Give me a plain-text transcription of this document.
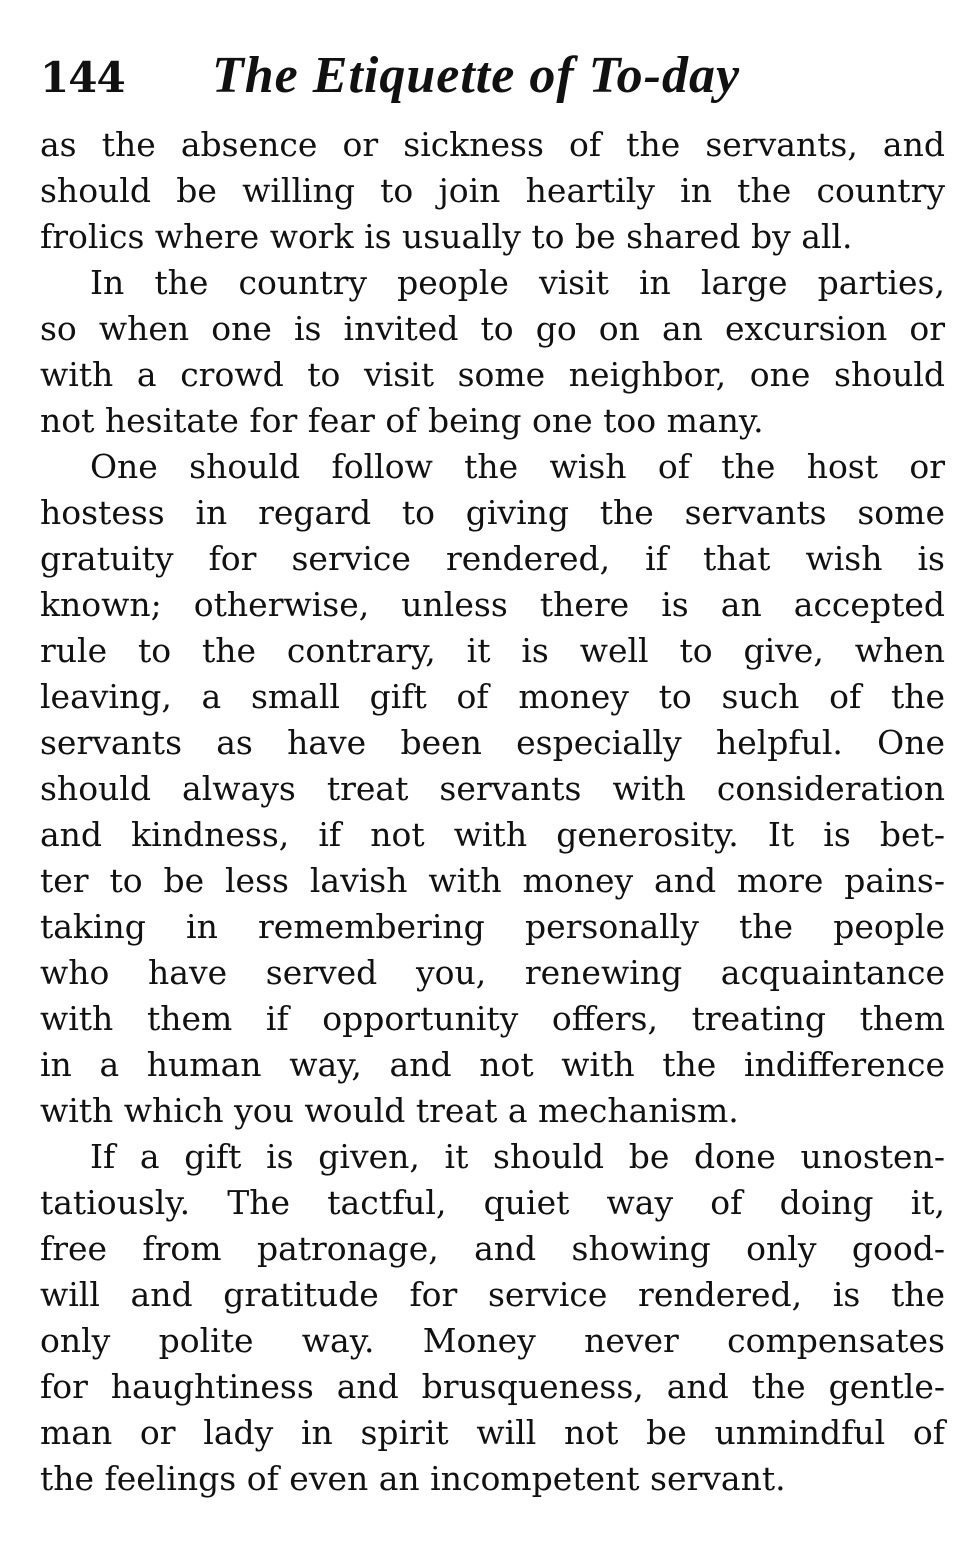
144	The Etiquette of To-day
as the absence or sickness of the servants, and
should be willing to join heartily in the country
frolics where work is usually to be shared by all.
In the country people visit in large parties,
so when one is invited to go on an excursion or
with a crowd to visit some neighbor, one should
not hesitate for fear of being one too many.
One should follow the wish of the host or
hostess in regard to giving the servants some
gratuity for service rendered, if that wish is
known; otherwise, unless there is an accepted
rule to the contrary, it is well to give, when
leaving, a small gift of money to such of the
servants as have been especially helpful. One
should always treat servants with consideration
and kindness, if not with generosity. It is bet-
ter to be less lavish with money and more pains-
taking in remembering personally the people
who have served you, renewing acquaintance
with them if opportunity offers, treating them
in a human way, and not with the indifference
with which you would treat a mechanism.
If a gift is given, it should be done unosten-
tatiously. The tactful, quiet way of doing it,
free from patronage, and showing only good-
will and gratitude for service rendered, is the
only polite way. Money never compensates
for haughtiness and brusqueness, and the gentle-
man or lady in spirit will not be unmindful of
the feelings of even an incompetent servant.
